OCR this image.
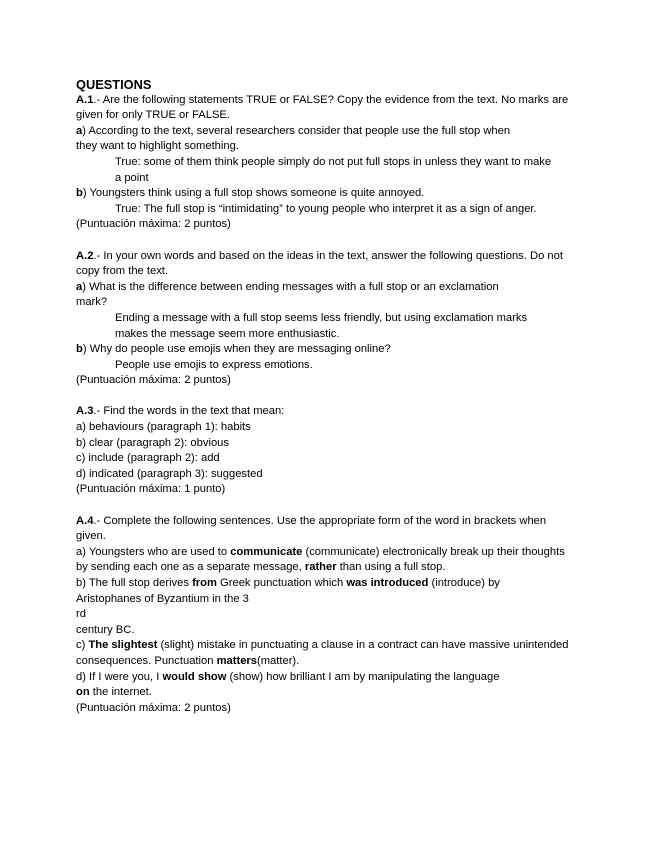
QUESTIONS
A.1.- Are the following statements TRUE or FALSE? Copy the evidence from the text. No marks are given for only TRUE or FALSE.
a) According to the text, several researchers consider that people use the full stop when
they want to highlight something.
True: some of them think people simply do not put full stops in unless they want to make
a point
b) Youngsters think using a full stop shows someone is quite annoyed.
True: The full stop is “intimidating” to young people who interpret it as a sign of anger.
(Puntuación máxima: 2 puntos)
A.2.- In your own words and based on the ideas in the text, answer the following questions. Do not copy from the text.
a) What is the difference between ending messages with a full stop or an exclamation
mark?
Ending a message with a full stop seems less friendly, but using exclamation marks
makes the message seem more enthusiastic.
b) Why do people use emojis when they are messaging online?
People use emojis to express emotions.
(Puntuación máxima: 2 puntos)
A.3.- Find the words in the text that mean:
a) behaviours (paragraph 1): habits
b) clear (paragraph 2): obvious
c) include (paragraph 2): add
d) indicated (paragraph 3): suggested
(Puntuación máxima: 1 punto)
A.4.- Complete the following sentences. Use the appropriate form of the word in brackets when given.
a) Youngsters who are used to communicate (communicate) electronically break up their thoughts by sending each one as a separate message, rather than using a full stop.
b) The full stop derives from Greek punctuation which was introduced (introduce) by
Aristophanes of Byzantium in the 3
rd
century BC.
c) The slightest (slight) mistake in punctuating a clause in a contract can have massive unintended consequences. Punctuation matters(matter).
d) If I were you, I would show (show) how brilliant I am by manipulating the language
on the internet.
(Puntuación máxima: 2 puntos)
